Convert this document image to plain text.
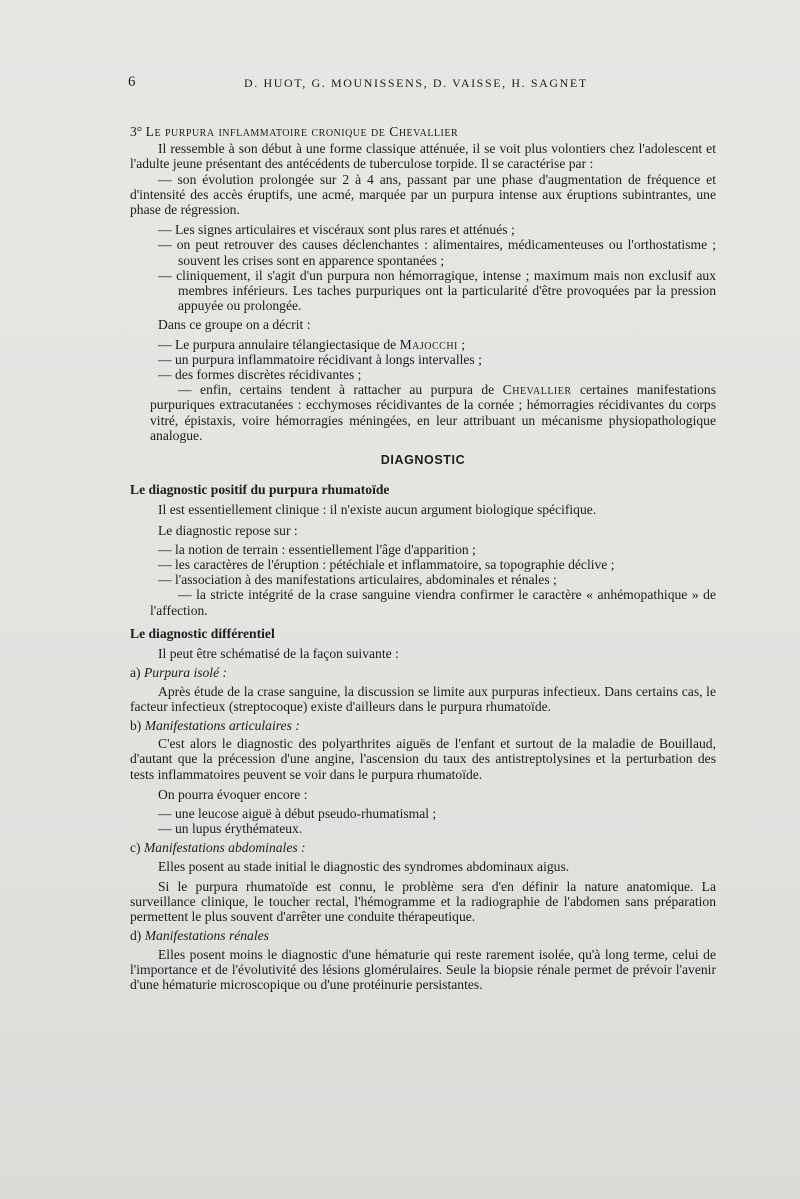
6	D. HUOT, G. MOUNISSENS, D. VAISSE, H. SAGNET

3° Le purpura inflammatoire cronique de Chevallier

Il ressemble à son début à une forme classique atténuée, il se voit plus volontiers chez l'adolescent et l'adulte jeune présentant des antécédents de tuberculose torpide. Il se caractérise par :

— son évolution prolongée sur 2 à 4 ans, passant par une phase d'augmentation de fréquence et d'intensité des accès éruptifs, une acmé, marquée par un purpura intense aux éruptions subintrantes, une phase de régression.

— Les signes articulaires et viscéraux sont plus rares et atténués ;

— on peut retrouver des causes déclenchantes : alimentaires, médicamenteuses ou l'orthostatisme ; souvent les crises sont en apparence spontanées ;

— cliniquement, il s'agit d'un purpura non hémorragique, intense ; maximum mais non exclusif aux membres inférieurs. Les taches purpuriques ont la particularité d'être provoquées par la pression appuyée ou prolongée.

Dans ce groupe on a décrit :

— Le purpura annulaire télangiectasique de Majocchi ;

— un purpura inflammatoire récidivant à longs intervalles ;

— des formes discrètes récidivantes ;

— enfin, certains tendent à rattacher au purpura de Chevallier certaines manifestations purpuriques extracutanées : ecchymoses récidivantes de la cornée ; hémorragies récidivantes du corps vitré, épistaxis, voire hémorragies méningées, en leur attribuant un mécanisme physiopathologique analogue.

DIAGNOSTIC

Le diagnostic positif du purpura rhumatoïde

Il est essentiellement clinique : il n'existe aucun argument biologique spécifique.

Le diagnostic repose sur :

— la notion de terrain : essentiellement l'âge d'apparition ;

— les caractères de l'éruption : pétéchiale et inflammatoire, sa topographie déclive ;

— l'association à des manifestations articulaires, abdominales et rénales ;

— la stricte intégrité de la crase sanguine viendra confirmer le caractère « anhémopathique » de l'affection.

Le diagnostic différentiel

Il peut être schématisé de la façon suivante :

a) Purpura isolé :

Après étude de la crase sanguine, la discussion se limite aux purpuras infectieux. Dans certains cas, le facteur infectieux (streptocoque) existe d'ailleurs dans le purpura rhumatoïde.

b) Manifestations articulaires :

C'est alors le diagnostic des polyarthrites aiguës de l'enfant et surtout de la maladie de Bouillaud, d'autant que la précession d'une angine, l'ascension du taux des antistreptolysines et la perturbation des tests inflammatoires peuvent se voir dans le purpura rhumatoïde.

On pourra évoquer encore :

— une leucose aiguë à début pseudo-rhumatismal ;

— un lupus érythémateux.

c) Manifestations abdominales :

Elles posent au stade initial le diagnostic des syndromes abdominaux aigus.

Si le purpura rhumatoïde est connu, le problème sera d'en définir la nature anatomique. La surveillance clinique, le toucher rectal, l'hémogramme et la radiographie de l'abdomen sans préparation permettent le plus souvent d'arrêter une conduite thérapeutique.

d) Manifestations rénales

Elles posent moins le diagnostic d'une hématurie qui reste rarement isolée, qu'à long terme, celui de l'importance et de l'évolutivité des lésions glomérulaires. Seule la biopsie rénale permet de prévoir l'avenir d'une hématurie microscopique ou d'une protéinurie persistantes.
